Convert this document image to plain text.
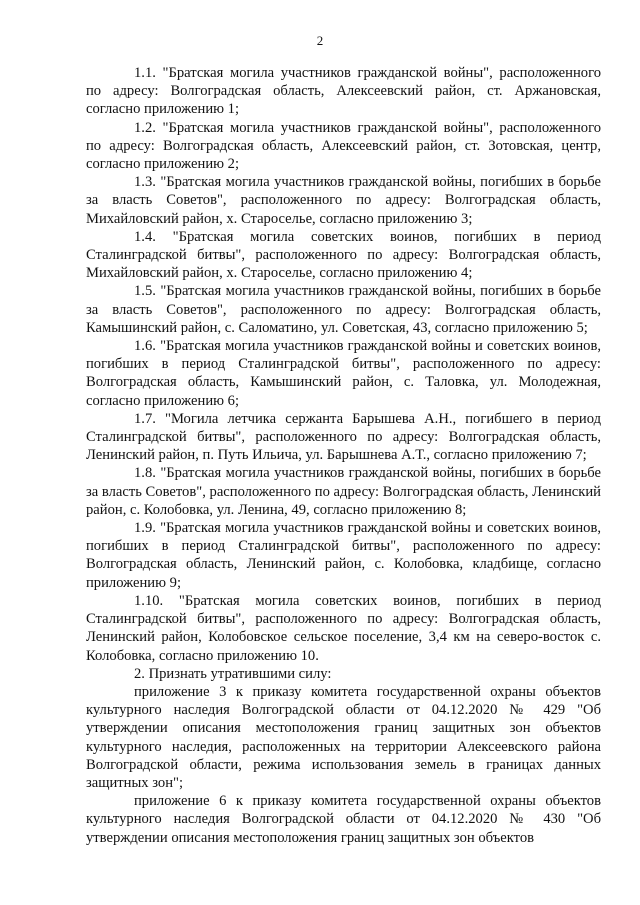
2

1.1. "Братская могила участников гражданской войны", расположенного по адресу: Волгоградская область, Алексеевский район, ст. Аржановская, согласно приложению 1;

1.2. "Братская могила участников гражданской войны", расположенного по адресу: Волгоградская область, Алексеевский район, ст. Зотовская, центр, согласно приложению 2;

1.3. "Братская могила участников гражданской войны, погибших в борьбе за власть Советов", расположенного по адресу: Волгоградская область, Михайловский район, х. Староселье, согласно приложению 3;

1.4. "Братская могила советских воинов, погибших в период Сталинградской битвы", расположенного по адресу: Волгоградская область, Михайловский район, х. Староселье, согласно приложению 4;

1.5. "Братская могила участников гражданской войны, погибших в борьбе за власть Советов", расположенного по адресу: Волгоградская область, Камышинский район, с. Саломатино, ул. Советская, 43, согласно приложению 5;

1.6. "Братская могила участников гражданской войны и советских воинов, погибших в период Сталинградской битвы", расположенного по адресу: Волгоградская область, Камышинский район, с. Таловка, ул. Молодежная, согласно приложению 6;

1.7. "Могила летчика сержанта Барышева А.Н., погибшего в период Сталинградской битвы", расположенного по адресу: Волгоградская область, Ленинский район, п. Путь Ильича, ул. Барышнева А.Т., согласно приложению 7;

1.8. "Братская могила участников гражданской войны, погибших в борьбе за власть Советов", расположенного по адресу: Волгоградская область, Ленинский район, с. Колобовка, ул. Ленина, 49, согласно приложению 8;

1.9. "Братская могила участников гражданской войны и советских воинов, погибших в период Сталинградской битвы", расположенного по адресу: Волгоградская область, Ленинский район, с. Колобовка, кладбище, согласно приложению 9;

1.10. "Братская могила советских воинов, погибших в период Сталинградской битвы", расположенного по адресу: Волгоградская область, Ленинский район, Колобовское сельское поселение, 3,4 км на северо-восток с. Колобовка, согласно приложению 10.

2. Признать утратившими силу:

приложение 3 к приказу комитета государственной охраны объектов культурного наследия Волгоградской области от 04.12.2020 № 429 "Об утверждении описания местоположения границ защитных зон объектов культурного наследия, расположенных на территории Алексеевского района Волгоградской области, режима использования земель в границах данных защитных зон";

приложение 6 к приказу комитета государственной охраны объектов культурного наследия Волгоградской области от 04.12.2020 № 430 "Об утверждении описания местоположения границ защитных зон объектов
